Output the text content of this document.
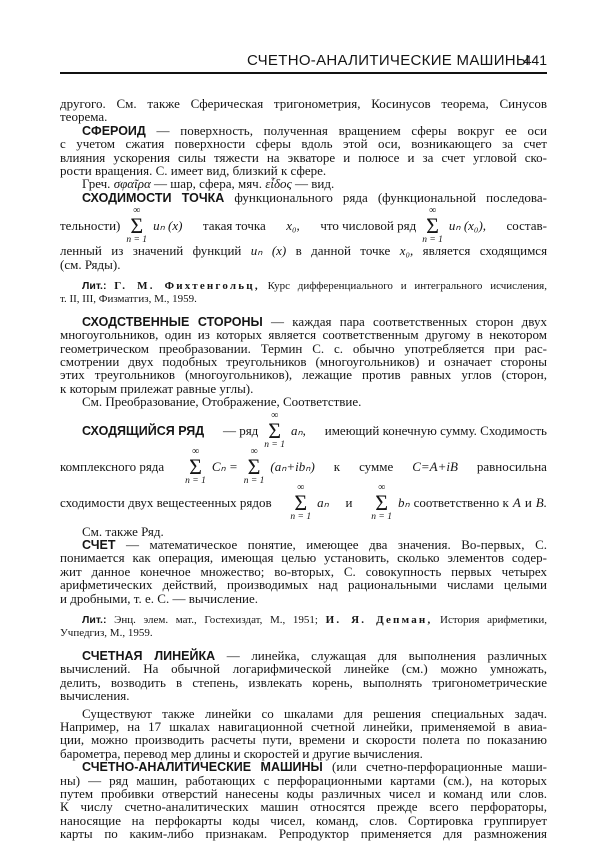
СЧЕТНО-АНАЛИТИЧЕСКИЕ МАШИНЫ
441
другого. См. также Сферическая тригонометрия, Косинусов теорема, Синусов
теорема.
СФЕРОИД — поверхность, полученная вращением сферы вокруг ее оси
с учетом сжатия поверхности сферы вдоль этой оси, возникающего за счет
влияния ускорения силы тяжести на экваторе и полюсе и за счет угловой ско-
рости вращения. С. имеет вид, близкий к сфере.
Греч. σφαῖρα — шар, сфера, мяч. εἶδος — вид.
СХОДИМОСТИ ТОЧКА функционального ряда (функциональной последова-
тельности)
∞
Σ
n = 1
uₙ (x) такая точка x₀, что числовой ряд
∞
Σ
n = 1
uₙ (x₀), состав-
ленный из значений функций uₙ (x) в данной точке x₀, является сходящимся
(см. Ряды).
Лит.: Г. М. Фихтенгольц, Курс дифференциального и интегрального исчисления,
т. II, III, Физматгиз, М., 1959.
СХОДСТВЕННЫЕ СТОРОНЫ — каждая пара соответственных сторон двух
многоугольников, один из которых является соответственным другому в некотором
геометрическом преобразовании. Термин С. с. обычно употребляется при рас-
смотрении двух подобных треугольников (многоугольников) и означает стороны
этих треугольников (многоугольников), лежащие против равных углов (сторон,
к которым прилежат равные углы).
См. Преобразование, Отображение, Соответствие.
СХОДЯЩИЙСЯ РЯД — ряд
∞
Σ
n = 1
aₙ, имеющий конечную сумму. Сходимость
комплексного ряда
∞
Σ
n = 1
Cₙ =
∞
Σ
n = 1
(aₙ+ibₙ) к сумме C=A+iB равносильна
сходимости двух вещестеенных рядов
∞
Σ
n = 1
aₙ и
∞
Σ
n = 1
bₙ соответственно к A и B.
См. также Ряд.
СЧЕТ — математическое понятие, имеющее два значения. Во-первых, С.
понимается как операция, имеющая целью установить, сколько элементов содер-
жит данное конечное множество; во-вторых, С. совокупность первых четырех
арифметических действий, производимых над рациональными числами целыми
и дробными, т. е. С. — вычисление.
Лит.: Энц. элем. мат., Гостехиздат, М., 1951; И. Я. Депман, История арифметики,
Учпедгиз, М., 1959.
СЧЕТНАЯ ЛИНЕЙКА — линейка, служащая для выполнения различных
вычислений. На обычной логарифмической линейке (см.) можно умножать,
делить, возводить в степень, извлекать корень, выполнять тригонометрические
вычисления.
Существуют также линейки со шкалами для решения специальных задач.
Например, на 17 шкалах навигационной счетной линейки, применяемой в авиа-
ции, можно производить расчеты пути, времени и скорости полета по показанию
барометра, перевод мер длины и скоростей и другие вычисления.
СЧЕТНО-АНАЛИТИЧЕСКИЕ МАШИНЫ (или счетно-перфорационные маши-
ны) — ряд машин, работающих с перфорационными картами (см.), на которых
путем пробивки отверстий нанесены коды различных чисел и команд или слов.
К числу счетно-аналитических машин относятся прежде всего перфораторы,
наносящие на перфокарты коды чисел, команд, слов. Сортировка группирует
карты по каким-либо признакам. Репродуктор применяется для размножения
